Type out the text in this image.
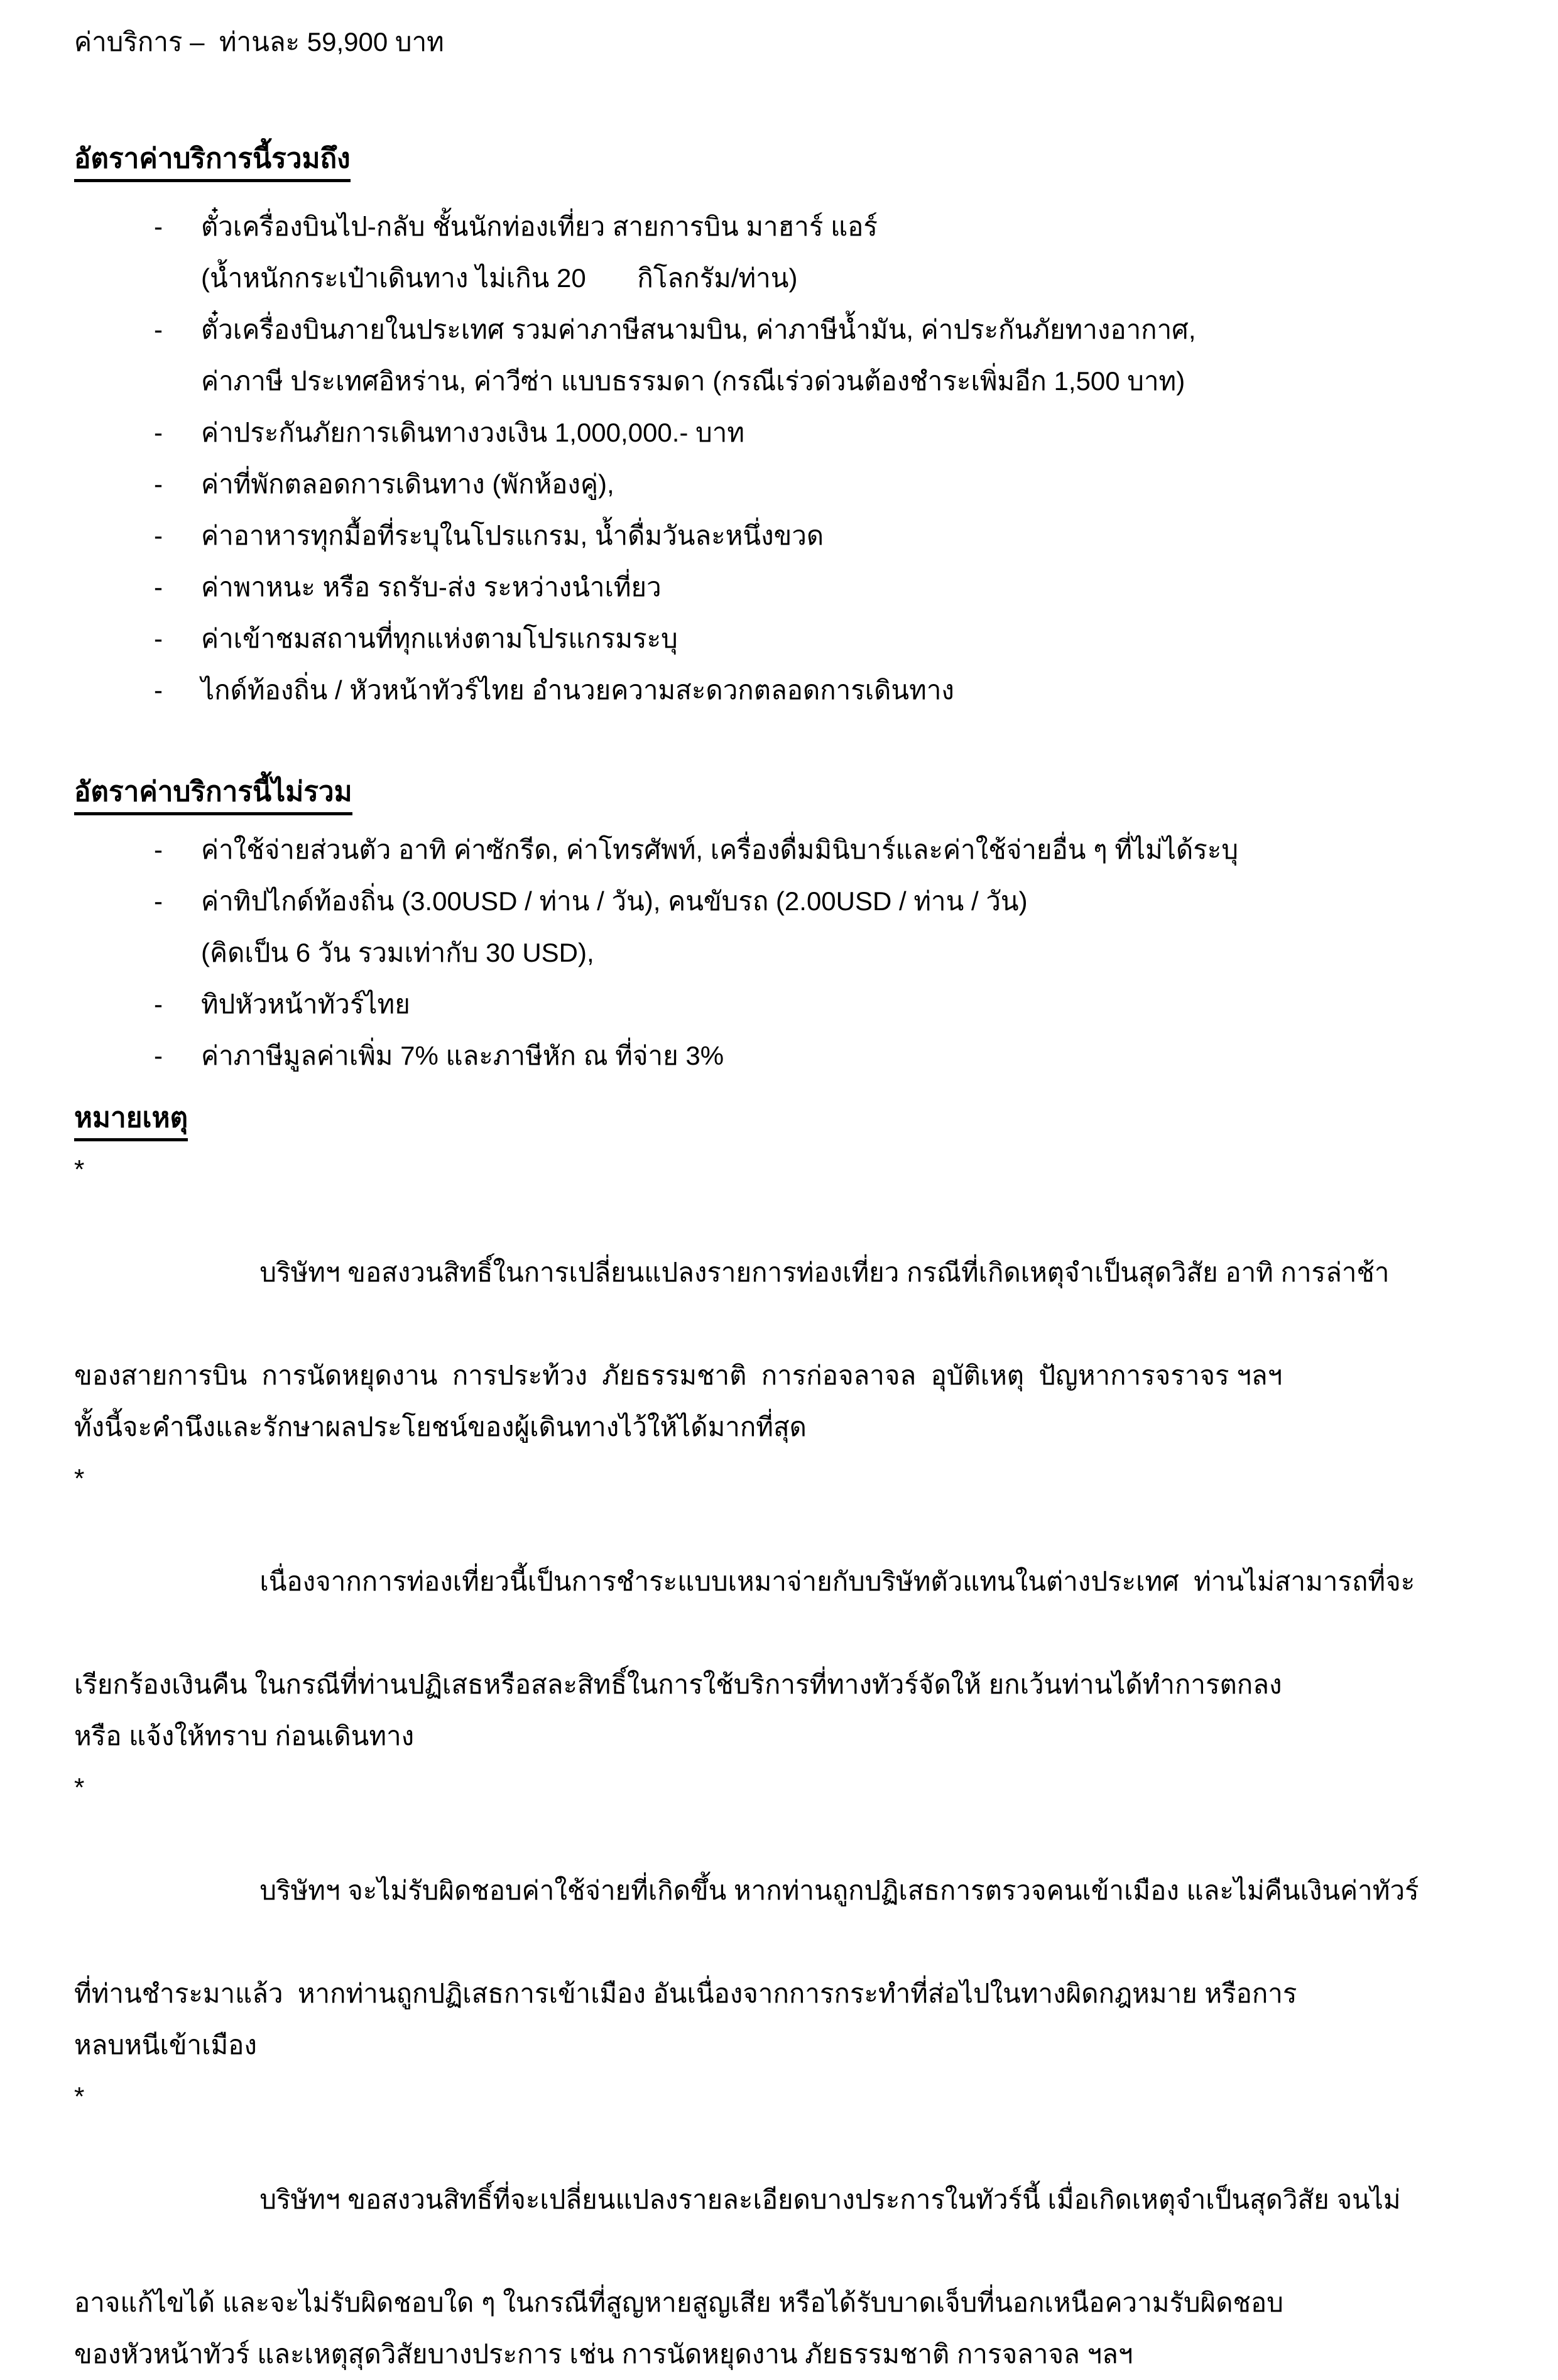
ค่าบริการ –  ท่านละ 59,900 บาท
อัตราค่าบริการนี้รวมถึง
- ตั๋วเครื่องบินไป-กลับ ชั้นนักท่องเที่ยว สายการบิน มาฮาร์ แอร์
(น้ำหนักกระเป๋าเดินทาง ไม่เกิน 20       กิโลกรัม/ท่าน)
- ตั๋วเครื่องบินภายในประเทศ รวมค่าภาษีสนามบิน, ค่าภาษีน้ำมัน, ค่าประกันภัยทางอากาศ,
ค่าภาษี ประเทศอิหร่าน, ค่าวีซ่า แบบธรรมดา (กรณีเร่วด่วนต้องชำระเพิ่มอีก 1,500 บาท)
- ค่าประกันภัยการเดินทางวงเงิน 1,000,000.- บาท
- ค่าที่พักตลอดการเดินทาง (พักห้องคู่),
- ค่าอาหารทุกมื้อที่ระบุในโปรแกรม, น้ำดื่มวันละหนึ่งขวด
- ค่าพาหนะ หรือ รถรับ-ส่ง ระหว่างนำเที่ยว
- ค่าเข้าชมสถานที่ทุกแห่งตามโปรแกรมระบุ
- ไกด์ท้องถิ่น / หัวหน้าทัวร์ไทย อำนวยความสะดวกตลอดการเดินทาง
อัตราค่าบริการนี้ไม่รวม
- ค่าใช้จ่ายส่วนตัว อาทิ ค่าซักรีด, ค่าโทรศัพท์, เครื่องดื่มมินิบาร์และค่าใช้จ่ายอื่น ๆ ที่ไม่ได้ระบุ
- ค่าทิปไกด์ท้องถิ่น (3.00USD / ท่าน / วัน), คนขับรถ (2.00USD / ท่าน / วัน)
(คิดเป็น 6 วัน รวมเท่ากับ 30 USD),
- ทิปหัวหน้าทัวร์ไทย
- ค่าภาษีมูลค่าเพิ่ม 7% และภาษีหัก ณ ที่จ่าย 3%
หมายเหตุ

*

บริษัทฯ ขอสงวนสิทธิ์ในการเปลี่ยนแปลงรายการท่องเที่ยว กรณีที่เกิดเหตุจำเป็นสุดวิสัย อาทิ การล่าช้า

ของสายการบิน  การนัดหยุดงาน  การประท้วง  ภัยธรรมชาติ  การก่อจลาจล  อุบัติเหตุ  ปัญหาการจราจร ฯลฯ
ทั้งนี้จะคำนึงและรักษาผลประโยชน์ของผู้เดินทางไว้ให้ได้มากที่สุด

*

เนื่องจากการท่องเที่ยวนี้เป็นการชำระแบบเหมาจ่ายกับบริษัทตัวแทนในต่างประเทศ  ท่านไม่สามารถที่จะ

เรียกร้องเงินคืน ในกรณีที่ท่านปฏิเสธหรือสละสิทธิ์ในการใช้บริการที่ทางทัวร์จัดให้ ยกเว้นท่านได้ทำการตกลง
หรือ แจ้งให้ทราบ ก่อนเดินทาง

*

บริษัทฯ จะไม่รับผิดชอบค่าใช้จ่ายที่เกิดขึ้น หากท่านถูกปฏิเสธการตรวจคนเข้าเมือง และไม่คืนเงินค่าทัวร์

ที่ท่านชำระมาแล้ว  หากท่านถูกปฏิเสธการเข้าเมือง อันเนื่องจากการกระทำที่ส่อไปในทางผิดกฎหมาย หรือการ
หลบหนีเข้าเมือง

*

บริษัทฯ ขอสงวนสิทธิ์ที่จะเปลี่ยนแปลงรายละเอียดบางประการในทัวร์นี้ เมื่อเกิดเหตุจำเป็นสุดวิสัย จนไม่

อาจแก้ไขได้ และจะไม่รับผิดชอบใด ๆ ในกรณีที่สูญหายสูญเสีย หรือได้รับบาดเจ็บที่นอกเหนือความรับผิดชอบ
ของหัวหน้าทัวร์ และเหตุสุดวิสัยบางประการ เช่น การนัดหยุดงาน ภัยธรรมชาติ การจลาจล ฯลฯ
